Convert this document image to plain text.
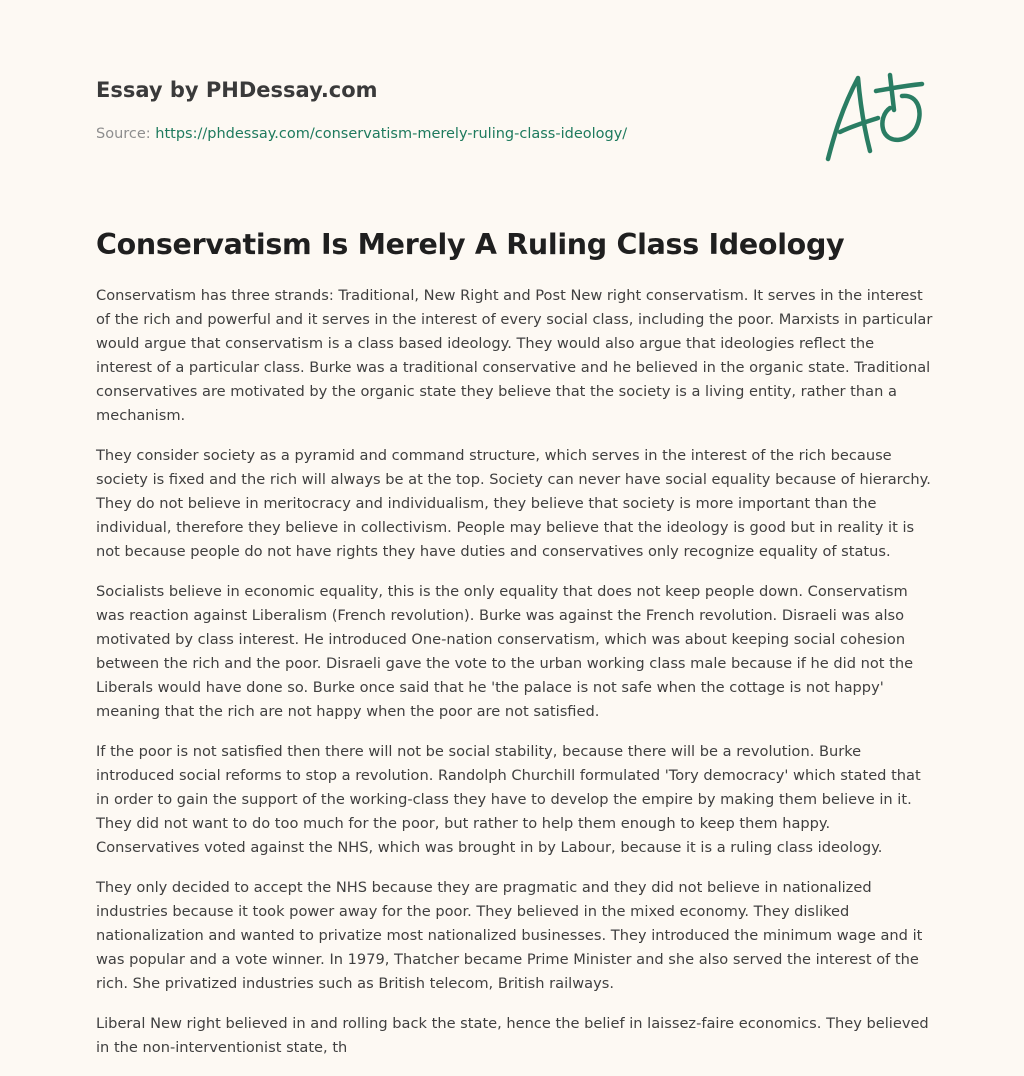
Essay by PHDessay.com
Source: https://phdessay.com/conservatism-merely-ruling-class-ideology/
Conservatism Is Merely A Ruling Class Ideology

Conservatism has three strands: Traditional, New Right and Post New right conservatism. It serves in the interest of the rich and powerful and it serves in the interest of every social class, including the poor. Marxists in particular would argue that conservatism is a class based ideology. They would also argue that ideologies reflect the interest of a particular class. Burke was a traditional conservative and he believed in the organic state. Traditional conservatives are motivated by the organic state they believe that the society is a living entity, rather than a mechanism.

They consider society as a pyramid and command structure, which serves in the interest of the rich because society is fixed and the rich will always be at the top. Society can never have social equality because of hierarchy. They do not believe in meritocracy and individualism, they believe that society is more important than the individual, therefore they believe in collectivism. People may believe that the ideology is good but in reality it is not because people do not have rights they have duties and conservatives only recognize equality of status.

Socialists believe in economic equality, this is the only equality that does not keep people down. Conservatism was reaction against Liberalism (French revolution). Burke was against the French revolution. Disraeli was also motivated by class interest. He introduced One-nation conservatism, which was about keeping social cohesion between the rich and the poor. Disraeli gave the vote to the urban working class male because if he did not the Liberals would have done so. Burke once said that he 'the palace is not safe when the cottage is not happy' meaning that the rich are not happy when the poor are not satisfied.

If the poor is not satisfied then there will not be social stability, because there will be a revolution. Burke introduced social reforms to stop a revolution. Randolph Churchill formulated 'Tory democracy' which stated that in order to gain the support of the working-class they have to develop the empire by making them believe in it. They did not want to do too much for the poor, but rather to help them enough to keep them happy. Conservatives voted against the NHS, which was brought in by Labour, because it is a ruling class ideology.

They only decided to accept the NHS because they are pragmatic and they did not believe in nationalized industries because it took power away for the poor. They believed in the mixed economy. They disliked nationalization and wanted to privatize most nationalized businesses. They introduced the minimum wage and it was popular and a vote winner. In 1979, Thatcher became Prime Minister and she also served the interest of the rich. She privatized industries such as British telecom, British railways.

Liberal New right believed in and rolling back the state, hence the belief in laissez-faire economics. They believed in the non-interventionist state, th
